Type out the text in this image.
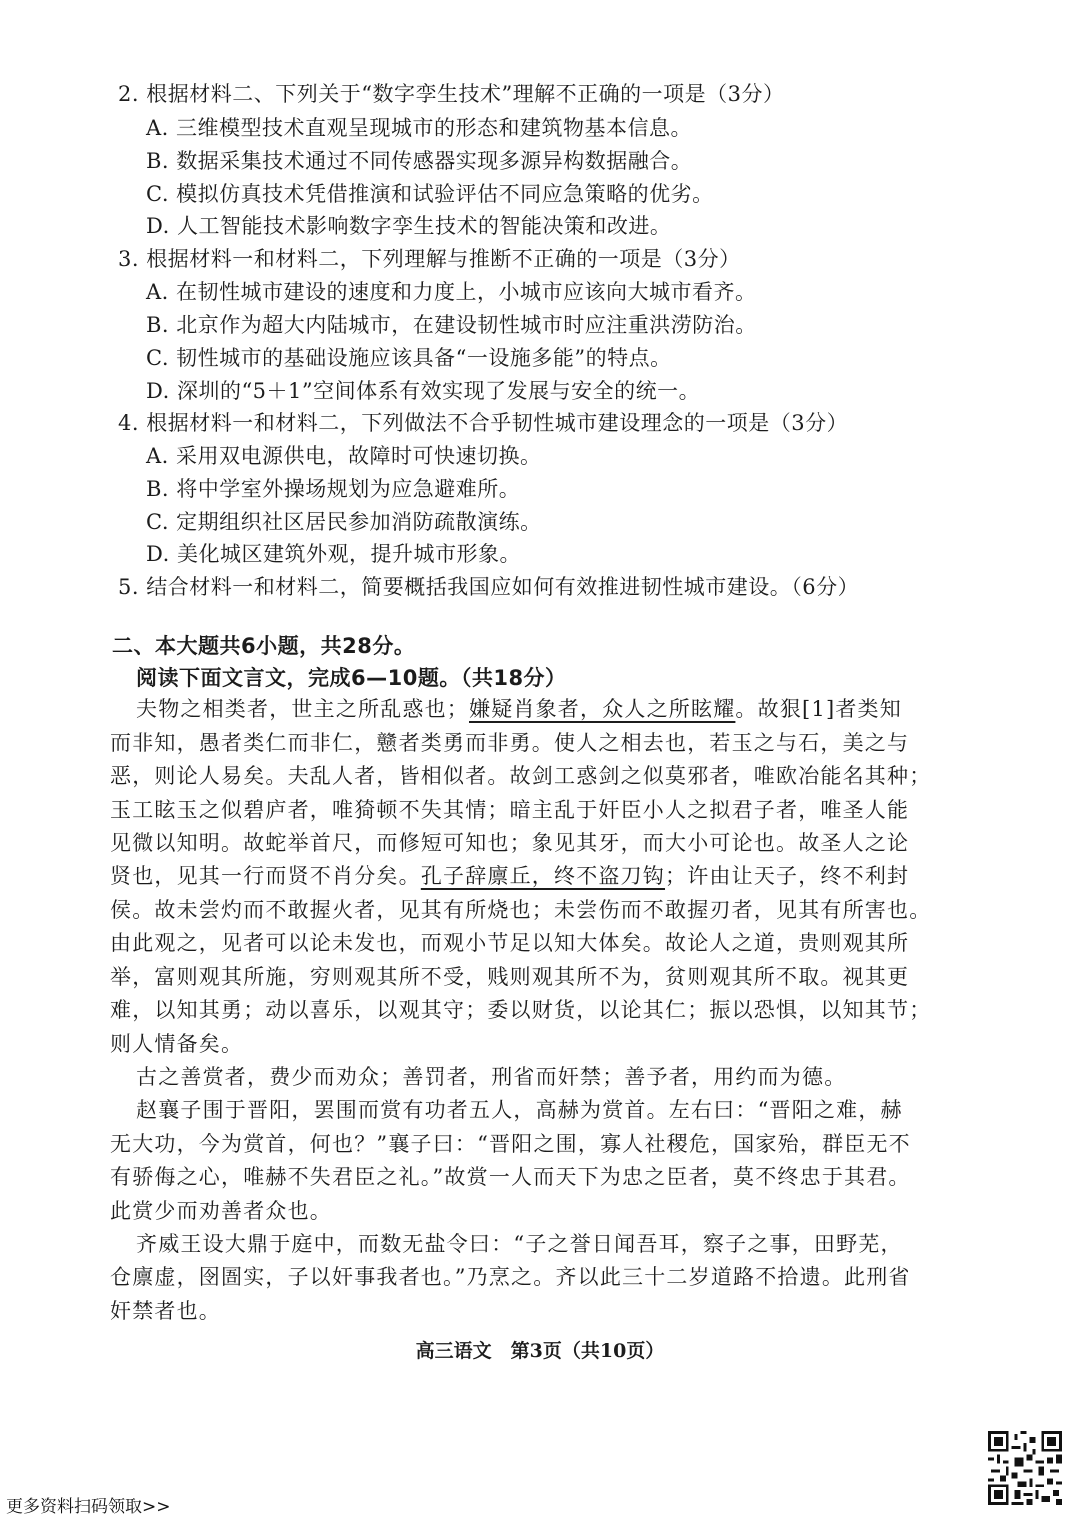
2. 根据材料二、下列关于“数字孪生技术”理解不正确的一项是（3分）
A. 三维模型技术直观呈现城市的形态和建筑物基本信息。
B. 数据采集技术通过不同传感器实现多源异构数据融合。
C. 模拟仿真技术凭借推演和试验评估不同应急策略的优劣。
D. 人工智能技术影响数字孪生技术的智能决策和改进。
3. 根据材料一和材料二，下列理解与推断不正确的一项是（3分）
A. 在韧性城市建设的速度和力度上，小城市应该向大城市看齐。
B. 北京作为超大内陆城市，在建设韧性城市时应注重洪涝防治。
C. 韧性城市的基础设施应该具备“一设施多能”的特点。
D. 深圳的“5＋1”空间体系有效实现了发展与安全的统一。
4. 根据材料一和材料二，下列做法不合乎韧性城市建设理念的一项是（3分）
A. 采用双电源供电，故障时可快速切换。
B. 将中学室外操场规划为应急避难所。
C. 定期组织社区居民参加消防疏散演练。
D. 美化城区建筑外观，提升城市形象。
5. 结合材料一和材料二，简要概括我国应如何有效推进韧性城市建设。（6分）
二、本大题共6小题，共28分。
阅读下面文言文，完成6—10题。（共18分）
夫物之相类者，世主之所乱惑也；嫌疑肖象者，众人之所眩耀。故狠[1]者类知
而非知，愚者类仁而非仁，戆者类勇而非勇。使人之相去也，若玉之与石，美之与
恶，则论人易矣。夫乱人者，皆相似者。故剑工惑剑之似莫邪者，唯欧冶能名其种；
玉工眩玉之似碧庐者，唯猗顿不失其情；暗主乱于奸臣小人之拟君子者，唯圣人能
见微以知明。故蛇举首尺，而修短可知也；象见其牙，而大小可论也。故圣人之论
贤也，见其一行而贤不肖分矣。孔子辞廪丘，终不盗刀钩；许由让天子，终不利封
侯。故未尝灼而不敢握火者，见其有所烧也；未尝伤而不敢握刃者，见其有所害也。
由此观之，见者可以论未发也，而观小节足以知大体矣。故论人之道，贵则观其所
举，富则观其所施，穷则观其所不受，贱则观其所不为，贫则观其所不取。视其更
难，以知其勇；动以喜乐，以观其守；委以财货，以论其仁；振以恐惧，以知其节；
则人情备矣。
古之善赏者，费少而劝众；善罚者，刑省而奸禁；善予者，用约而为德。
赵襄子围于晋阳，罢围而赏有功者五人，高赫为赏首。左右曰：“晋阳之难，赫
无大功，今为赏首，何也？”襄子曰：“晋阳之围，寡人社稷危，国家殆，群臣无不
有骄侮之心，唯赫不失君臣之礼。”故赏一人而天下为忠之臣者，莫不终忠于其君。
此赏少而劝善者众也。
齐威王设大鼎于庭中，而数无盐令曰：“子之誉日闻吾耳，察子之事，田野芜，
仓廪虚，囹圄实，子以奸事我者也。”乃烹之。齐以此三十二岁道路不拾遗。此刑省
奸禁者也。
高三语文　第3页（共10页）
更多资料扫码领取>>
